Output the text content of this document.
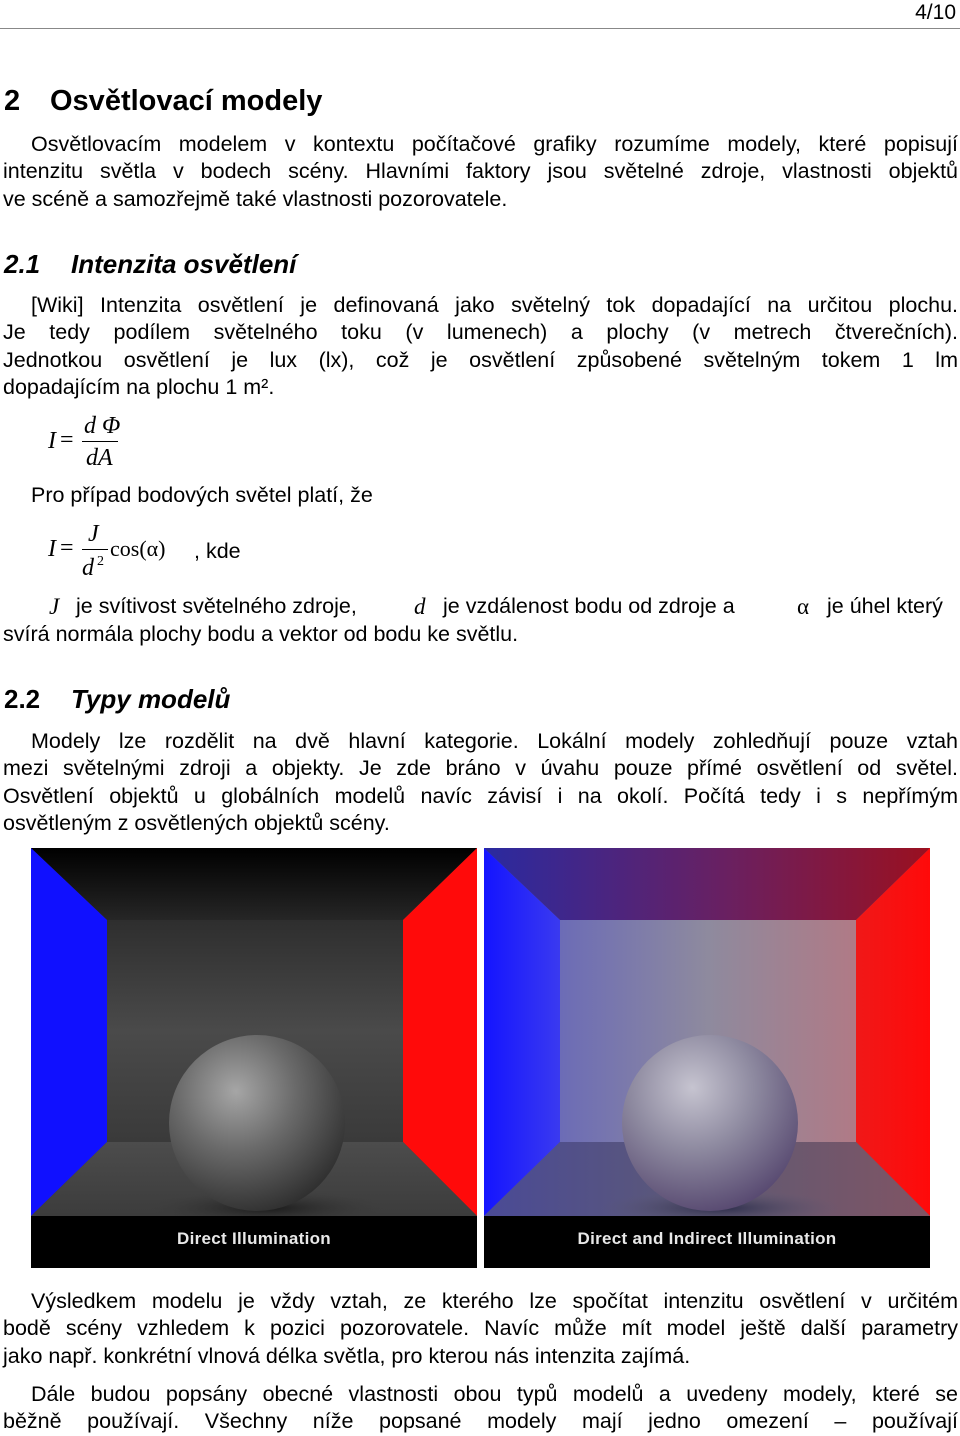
4/10
2 Osvětlovací modely
Osvětlovacím modelem v kontextu počítačové grafiky rozumíme modely, které popisují
intenzitu světla v bodech scény. Hlavními faktory jsou světelné zdroje, vlastnosti objektů
ve scéně a samozřejmě také vlastnosti pozorovatele.
2.1 Intenzita osvětlení
[Wiki] Intenzita osvětlení je definovaná jako světelný tok dopadající na určitou plochu.
Je tedy podílem světelného toku (v lumenech) a plochy (v metrech čtverečních).
Jednotkou osvětlení je lux (lx), což je osvětlení způsobené světelným tokem 1 lm
dopadajícím na plochu 1 m².
I =
d Φ
dA
Pro případ bodových světel platí, že
I =
J
d 2
cos(α) , kde
J je svítivost světelného zdroje, d je vzdálenost bodu od zdroje a	α je úhel který
svírá normála plochy bodu a vektor od bodu ke světlu.
2.2 Typy modelů
Modely lze rozdělit na dvě hlavní kategorie. Lokální modely zohledňují pouze vztah
mezi světelnými zdroji a objekty. Je zde bráno v úvahu pouze přímé osvětlení od světel.
Osvětlení objektů u globálních modelů navíc závisí i na okolí. Počítá tedy i s nepřímým
osvětleným z osvětlených objektů scény.
Direct Illumination	Direct and Indirect Illumination
Výsledkem modelu je vždy vztah, ze kterého lze spočítat intenzitu osvětlení v určitém
bodě scény vzhledem k pozici pozorovatele. Navíc může mít model ještě další parametry
jako např. konkrétní vlnová délka světla, pro kterou nás intenzita zajímá.
Dále budou popsány obecné vlastnosti obou typů modelů a uvedeny modely, které se
běžně používají. Všechny níže popsané modely mají jedno omezení – používají
